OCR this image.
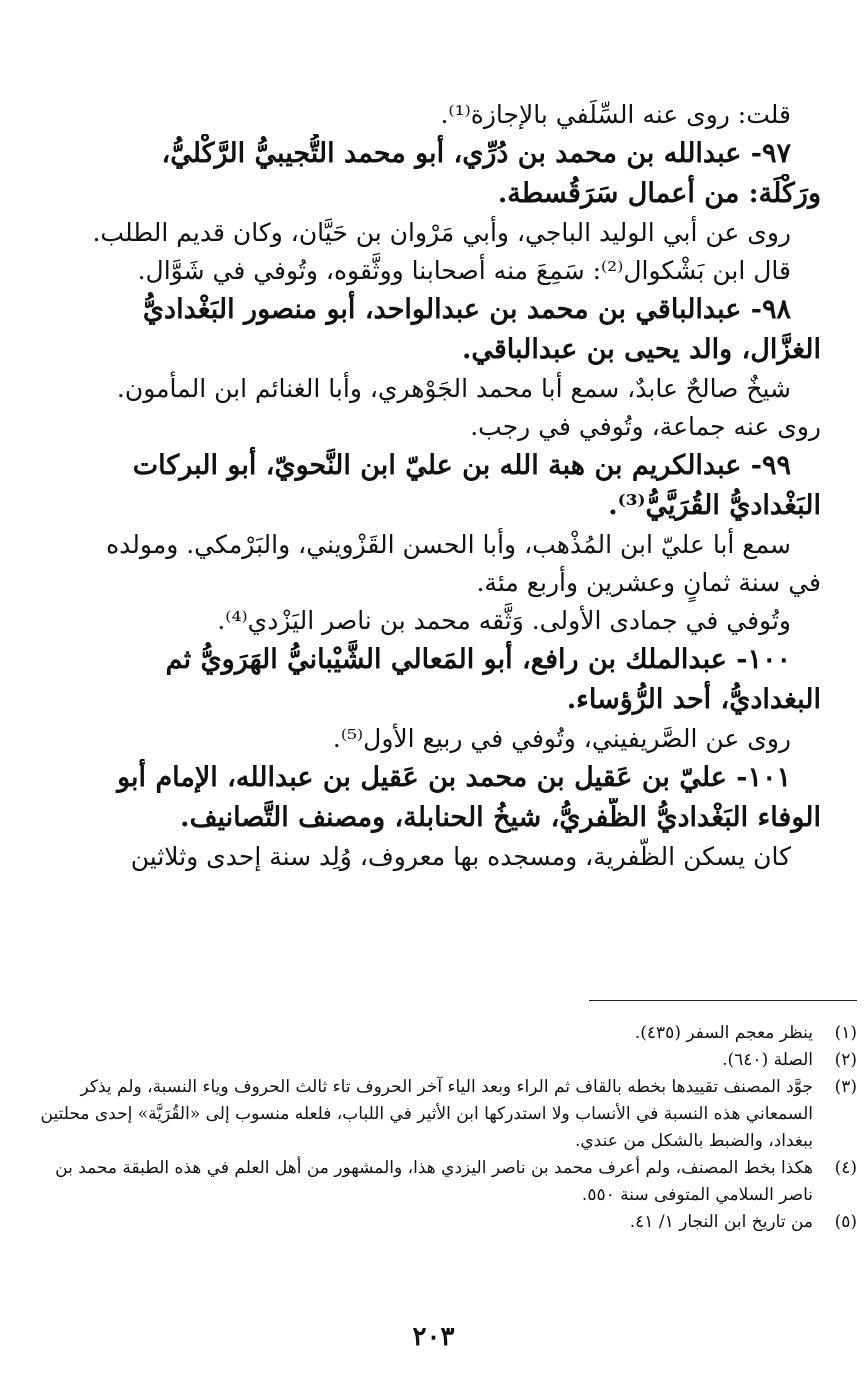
قلت: روى عنه السِّلَفي بالإجازة⁽¹⁾.

٩٧- عبدالله بن محمد بن دُرِّي، أبو محمد التُّجيبيُّ الرَّكْليُّ،

ورَكْلَة: من أعمال سَرَقُسطة.

روى عن أبي الوليد الباجي، وأبي مَرْوان بن حَيَّان، وكان قديم الطلب.

قال ابن بَشْكوال⁽²⁾: سَمِعَ منه أصحابنا ووثَّقوه، وتُوفي في شَوَّال.

٩٨- عبدالباقي بن محمد بن عبدالواحد، أبو منصور البَغْداديُّ

الغزَّال، والد يحيى بن عبدالباقي.

شيخٌ صالحٌ عابدٌ، سمع أبا محمد الجَوْهري، وأبا الغنائم ابن المأمون.

روى عنه جماعة، وتُوفي في رجب.

٩٩- عبدالكريم بن هبة الله بن عليّ ابن النَّحويّ، أبو البركات

البَغْداديُّ القُرَيَّيُّ⁽³⁾.

سمع أبا عليّ ابن المُذْهب، وأبا الحسن القَزْويني، والبَرْمكي. ومولده

في سنة ثمانٍ وعشرين وأربع مئة.

وتُوفي في جمادى الأولى. وَثَّقه محمد بن ناصر اليَزْدي⁽⁴⁾.

١٠٠- عبدالملك بن رافع، أبو المَعالي الشَّيْبانيُّ الهَرَويُّ ثم

البغداديُّ، أحد الرُّؤساء.

روى عن الصَّريفيني، وتُوفي في ربيع الأول⁽⁵⁾.

١٠١- عليّ بن عَقيل بن محمد بن عَقيل بن عبدالله، الإمام أبو

الوفاء البَغْداديُّ الظَّفريُّ، شيخُ الحنابلة، ومصنف التَّصانيف.

كان يسكن الظَّفرية، ومسجده بها معروف، وُلِد سنة إحدى وثلاثين

(١)
ينظر معجم السفر (٤٣٥).
(٢)
الصلة (٦٤٠).
(٣)
جوَّد المصنف تقييدها بخطه بالقاف ثم الراء وبعد الياء آخر الحروف تاء ثالث الحروف وياء النسبة، ولم يذكر السمعاني هذه النسبة في الأنساب ولا استدركها ابن الأثير في اللباب، فلعله منسوب إلى «القُرَيَّة» إحدى محلتين ببغداد، والضبط بالشكل من عندي.
(٤)
هكذا بخط المصنف، ولم أعرف محمد بن ناصر اليزدي هذا، والمشهور من أهل العلم في هذه الطبقة محمد بن ناصر السلامي المتوفى سنة ٥٥٠.
(٥)
من تاريخ ابن النجار ١/ ٤١.
٢٠٣
